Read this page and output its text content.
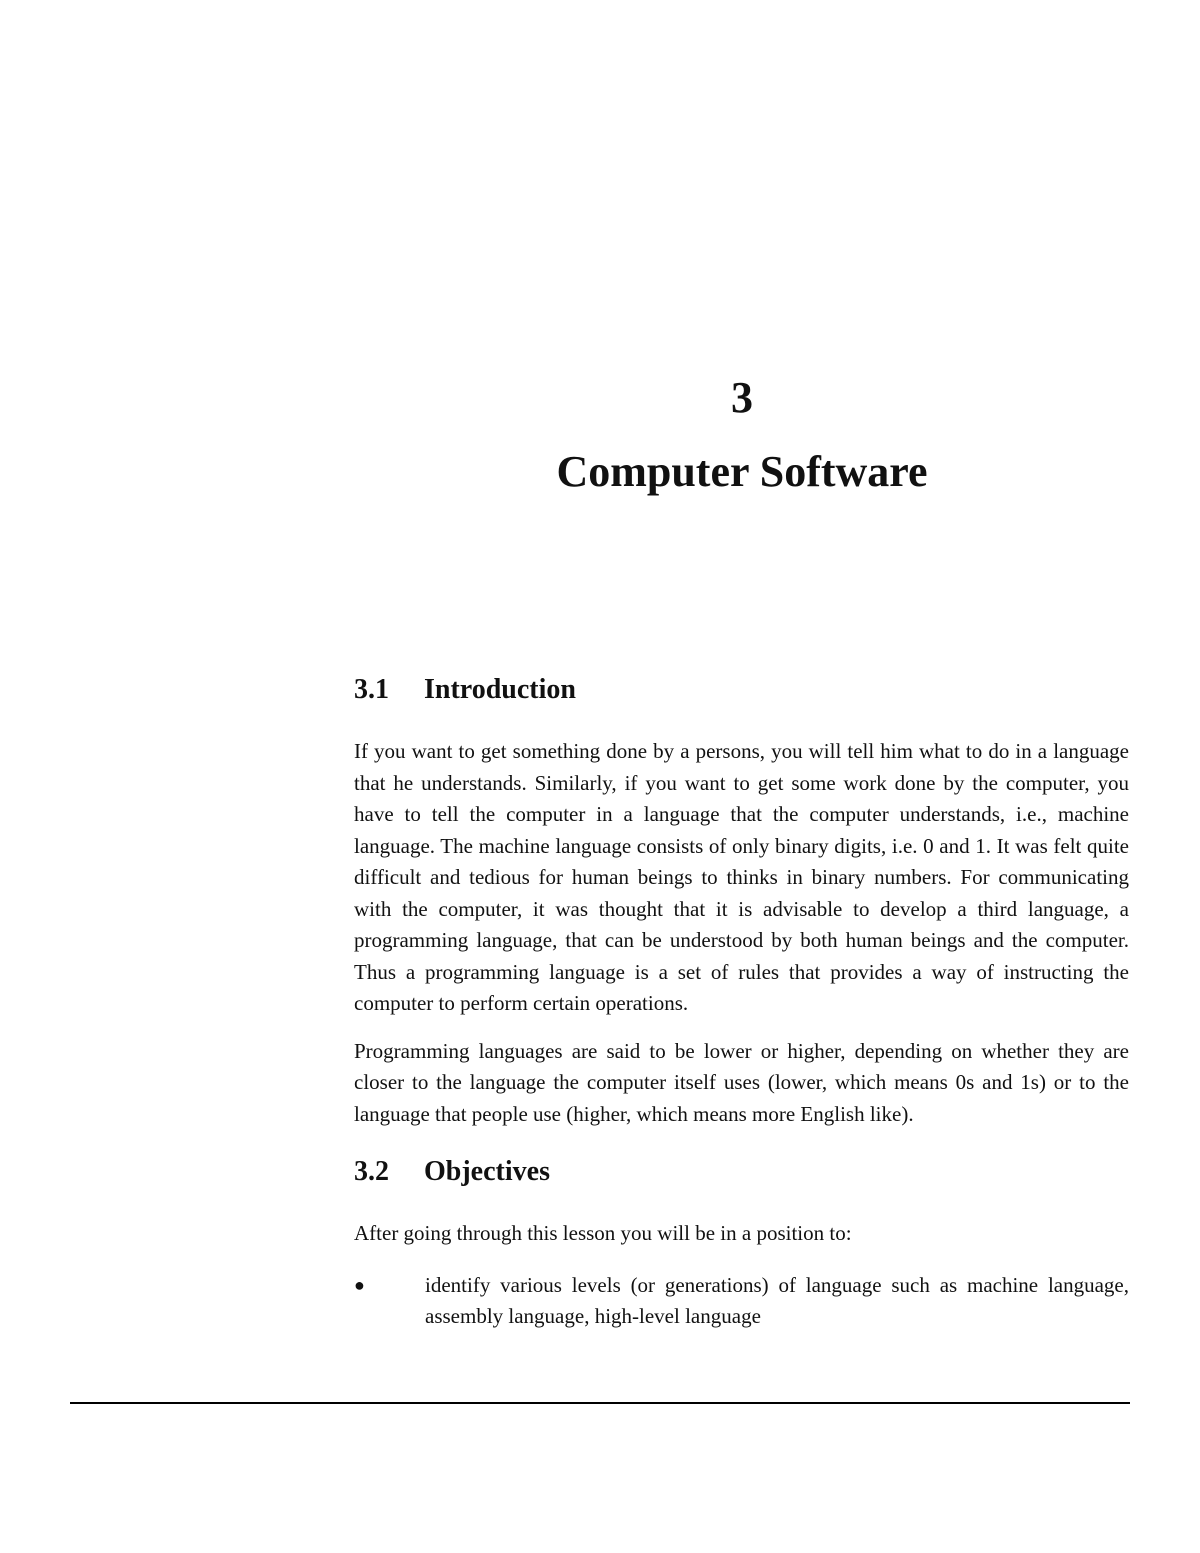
3
Computer Software
3.1	Introduction

If you want to get something done by a persons, you will tell him what to do in a language that he understands. Similarly, if you want to get some work done by the computer, you have to tell the computer in a language that the computer understands, i.e., machine language. The machine language consists of only binary digits, i.e. 0 and 1. It was felt quite difficult and tedious for human beings to thinks in binary numbers. For communicating with the computer, it was thought that it is advisable to develop a third language, a programming language, that can be understood by both human beings and the computer. Thus a programming language is a set of rules that provides a way of instructing the computer to perform certain operations.

Programming languages are said to be lower or higher, depending on whether they are closer to the language the computer itself uses (lower, which means 0s and 1s) or to the language that people use (higher, which means more English like).

3.2	Objectives

After going through this lesson you will be in a position to:

●	identify various levels (or generations) of language such as machine language, assembly language, high-level language
